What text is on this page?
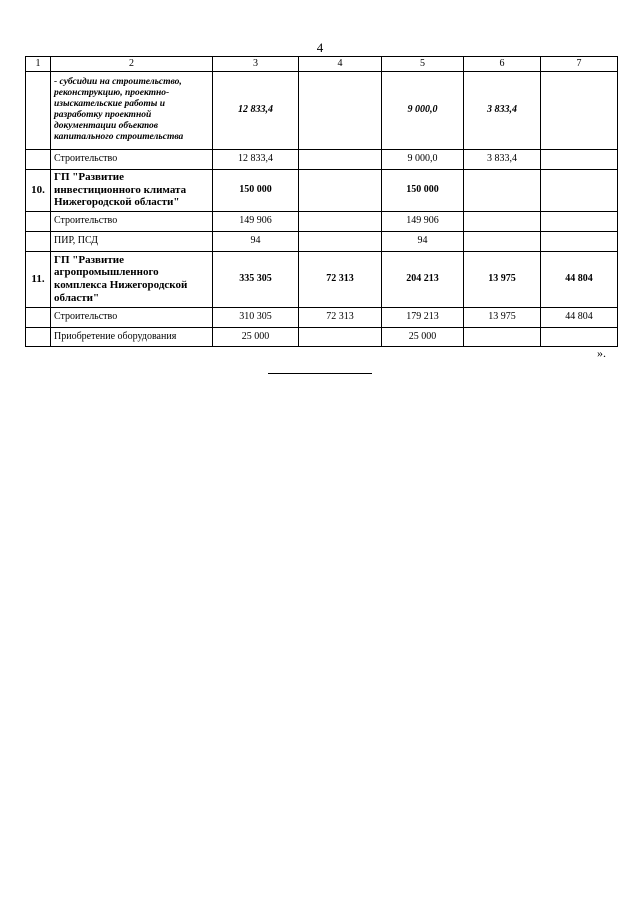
4
1	2	3	4	5	6	7
	- субсидии на строительство, реконструкцию, проектно-изыскательские работы и разработку проектной документации объектов капитального строительства	12 833,4		9 000,0	3 833,4	
	Строительство	12 833,4		9 000,0	3 833,4	
10.	ГП "Развитие инвестиционного климата Нижегородской области"	150 000		150 000		
	Строительство	149 906		149 906		
	ПИР, ПСД	94		94		
11.	ГП "Развитие агропромышленного комплекса Нижегородской области"	335 305	72 313	204 213	13 975	44 804
	Строительство	310 305	72 313	179 213	13 975	44 804
	Приобретение оборудования	25 000		25 000		
».
